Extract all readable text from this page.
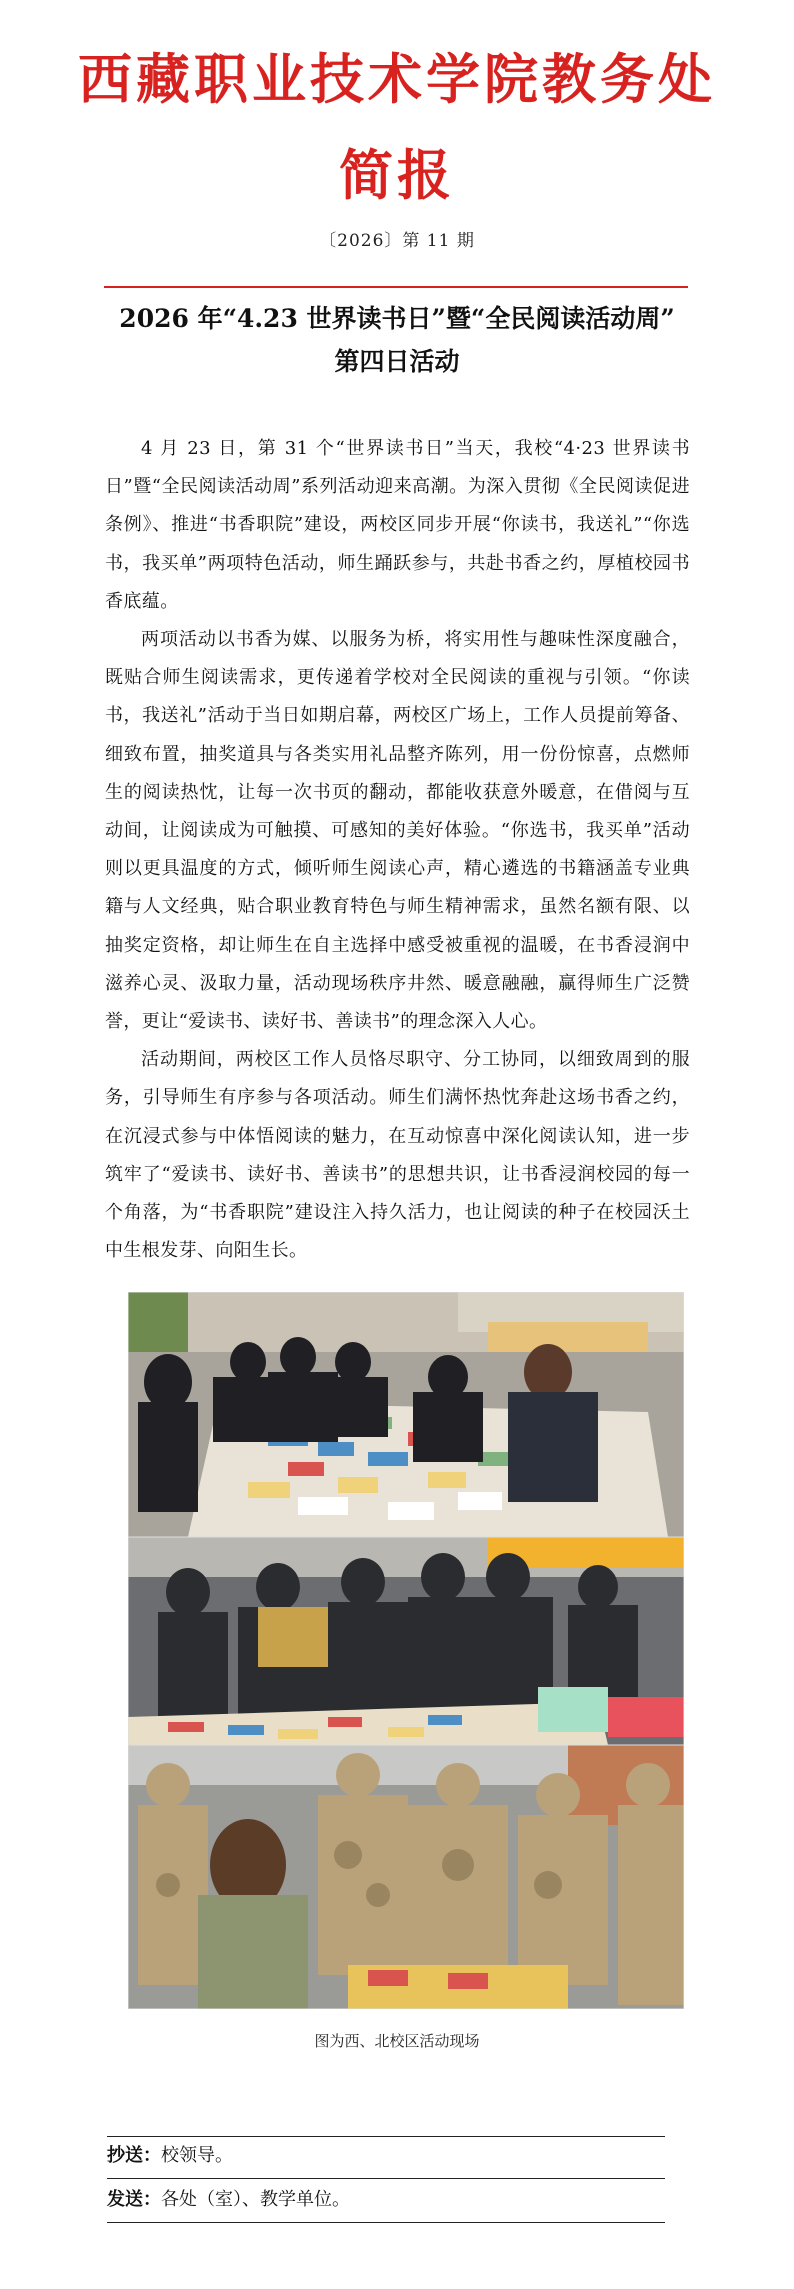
西藏职业技术学院教务处
简报
〔2026〕第 11 期
2026 年“4.23 世界读书日”暨“全民阅读活动周”
第四日活动

4 月 23 日，第 31 个“世界读书日”当天，我校“4·23 世界读书日”暨“全民阅读活动周”系列活动迎来高潮。为深入贯彻《全民阅读促进条例》、推进“书香职院”建设，两校区同步开展“你读书，我送礼”“你选书，我买单”两项特色活动，师生踊跃参与，共赴书香之约，厚植校园书香底蕴。

两项活动以书香为媒、以服务为桥，将实用性与趣味性深度融合，既贴合师生阅读需求，更传递着学校对全民阅读的重视与引领。“你读书，我送礼”活动于当日如期启幕，两校区广场上，工作人员提前筹备、细致布置，抽奖道具与各类实用礼品整齐陈列，用一份份惊喜，点燃师生的阅读热忱，让每一次书页的翻动，都能收获意外暖意，在借阅与互动间，让阅读成为可触摸、可感知的美好体验。“你选书，我买单”活动则以更具温度的方式，倾听师生阅读心声，精心遴选的书籍涵盖专业典籍与人文经典，贴合职业教育特色与师生精神需求，虽然名额有限、以抽奖定资格，却让师生在自主选择中感受被重视的温暖，在书香浸润中滋养心灵、汲取力量，活动现场秩序井然、暖意融融，赢得师生广泛赞誉，更让“爱读书、读好书、善读书”的理念深入人心。

活动期间，两校区工作人员恪尽职守、分工协同，以细致周到的服务，引导师生有序参与各项活动。师生们满怀热忱奔赴这场书香之约，在沉浸式参与中体悟阅读的魅力，在互动惊喜中深化阅读认知，进一步筑牢了“爱读书、读好书、善读书”的思想共识，让书香浸润校园的每一个角落，为“书香职院”建设注入持久活力，也让阅读的种子在校园沃土中生根发芽、向阳生长。

图为西、北校区活动现场
抄送：校领导。
发送：各处（室）、教学单位。
